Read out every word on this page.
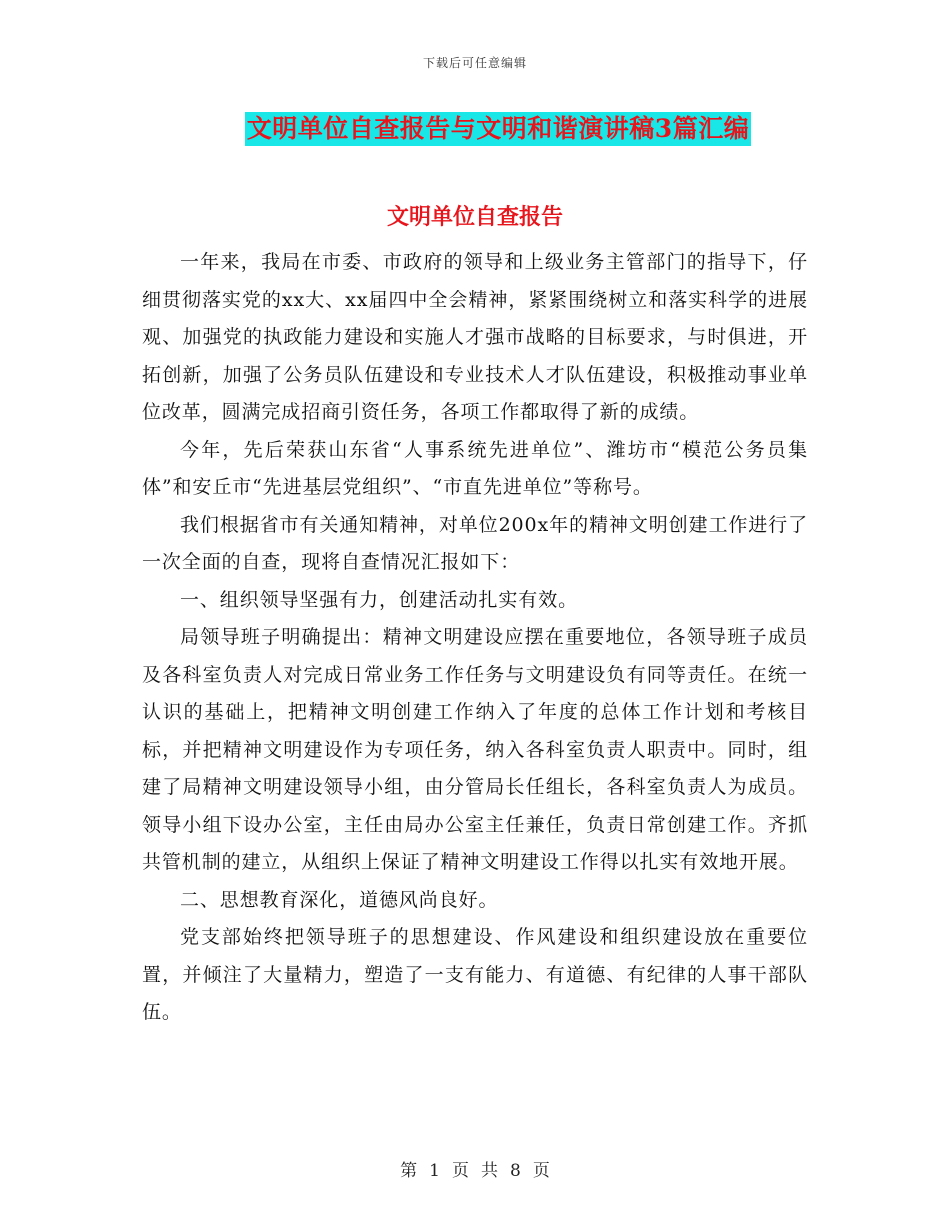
下载后可任意编辑
文明单位自查报告与文明和谐演讲稿3篇汇编
文明单位自查报告

一年来，我局在市委、市政府的领导和上级业务主管部门的指导下，仔细贯彻落实党的xx大、xx届四中全会精神，紧紧围绕树立和落实科学的进展观、加强党的执政能力建设和实施人才强市战略的目标要求，与时俱进，开拓创新，加强了公务员队伍建设和专业技术人才队伍建设，积极推动事业单位改革，圆满完成招商引资任务，各项工作都取得了新的成绩。

今年，先后荣获山东省“人事系统先进单位”、潍坊市“模范公务员集体”和安丘市“先进基层党组织”、“市直先进单位”等称号。

我们根据省市有关通知精神，对单位200x年的精神文明创建工作进行了一次全面的自查，现将自查情况汇报如下：

一、组织领导坚强有力，创建活动扎实有效。

局领导班子明确提出：精神文明建设应摆在重要地位，各领导班子成员及各科室负责人对完成日常业务工作任务与文明建设负有同等责任。在统一认识的基础上，把精神文明创建工作纳入了年度的总体工作计划和考核目标，并把精神文明建设作为专项任务，纳入各科室负责人职责中。同时，组建了局精神文明建设领导小组，由分管局长任组长，各科室负责人为成员。领导小组下设办公室，主任由局办公室主任兼任，负责日常创建工作。齐抓共管机制的建立，从组织上保证了精神文明建设工作得以扎实有效地开展。

二、思想教育深化，道德风尚良好。

党支部始终把领导班子的思想建设、作风建设和组织建设放在重要位置，并倾注了大量精力，塑造了一支有能力、有道德、有纪律的人事干部队伍。

第 1 页 共 8 页
